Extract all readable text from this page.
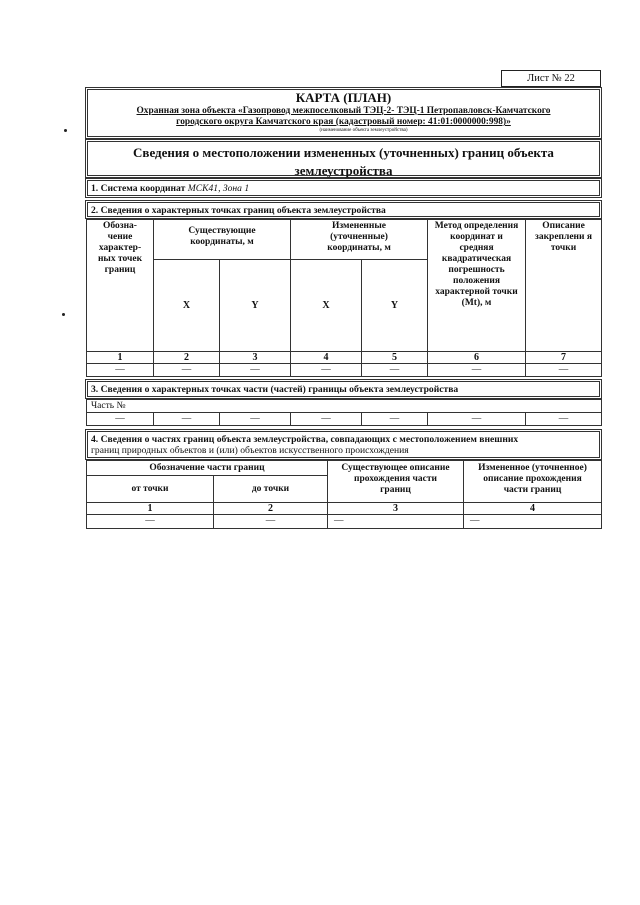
Лист № 22
КАРТА (ПЛАН)
Охранная зона объекта «Газопровод межпоселковый ТЭЦ-2- ТЭЦ-1 Петропавловск-Камчатского
городского округа Камчатского края (кадастровый номер: 41:01:0000000:998)»
(наименование объекта землеустройства)
Сведения о местоположении измененных (уточненных) границ объекта землеустройства
1. Система координат МСК41, Зона 1
2. Сведения о характерных точках границ объекта землеустройства
Обозна- чение характер- ных точек границ	Существующие координаты, м		Измененные (уточненные) координаты, м		Метод определения координат и средняя квадратическая погрешность положения характерной точки (Mt), м	Описание закреплени я точки
	X	Y	X	Y		
1	2	3	4	5	6	7
—	—	—	—	—	—	—
3. Сведения о характерных точках части (частей) границы объекта землеустройства
Часть №
—	—	—	—	—	—	—
4. Сведения о частях границ объекта землеустройства, совпадающих с местоположением внешних
границ природных объектов и (или) объектов искусственного происхождения
Обозначение части границ		Существующее описание прохождения части границ	Измененное (уточненное) описание прохождения части границ
от точки	до точки		
1	2	3	4
—	—	—	—
